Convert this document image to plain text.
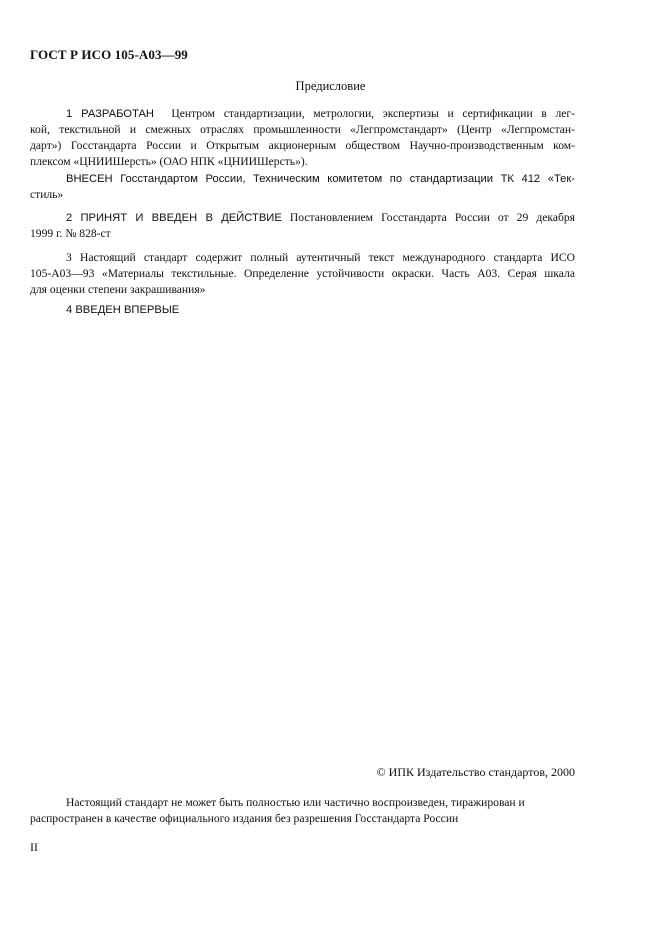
ГОСТ Р ИСО 105-А03—99
Предисловие
1 РАЗРАБОТАН Центром стандартизации, метрологии, экспертизы и сертификации в лег-
кой, текстильной и смежных отраслях промышленности «Легпромстандарт» (Центр «Легпромстан-
дарт») Госстандарта России и Открытым акционерным обществом Научно-производственным ком-
плексом «ЦНИИШерсть» (ОАО НПК «ЦНИИШерсть»).
ВНЕСЕН Госстандартом России, Техническим комитетом по стандартизации ТК 412 «Тек-
стиль»
2 ПРИНЯТ И ВВЕДЕН В ДЕЙСТВИЕ Постановлением Госстандарта России от 29 декабря
1999 г. № 828-ст
3 Настоящий стандарт содержит полный аутентичный текст международного стандарта ИСО
105-А03—93 «Материалы текстильные. Определение устойчивости окраски. Часть А03. Серая шкала
для оценки степени закрашивания»
4 ВВЕДЕН ВПЕРВЫЕ
© ИПК Издательство стандартов, 2000
Настоящий стандарт не может быть полностью или частично воспроизведен, тиражирован и
распространен в качестве официального издания без разрешения Госстандарта России
II
